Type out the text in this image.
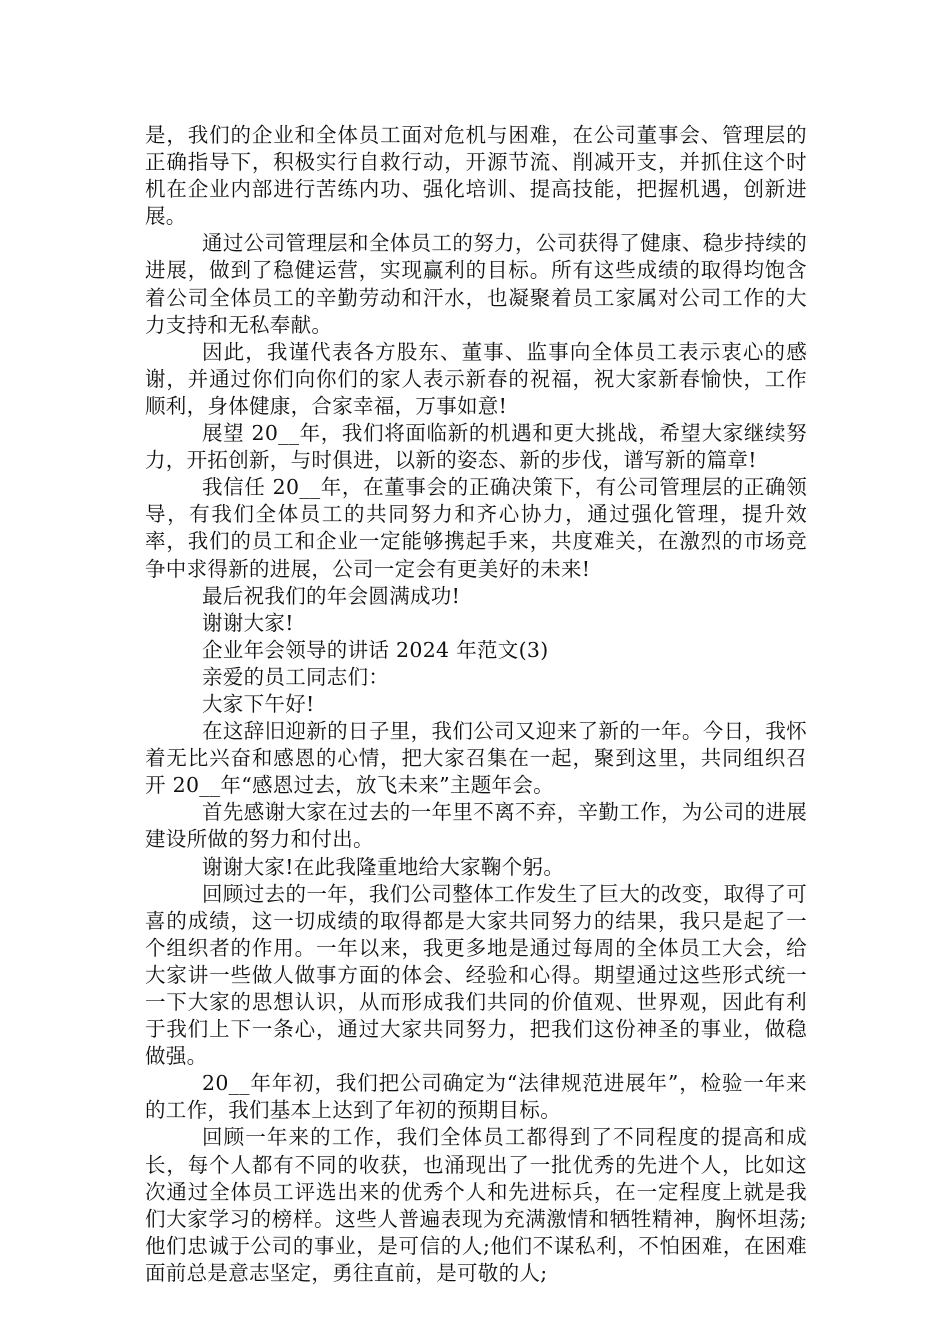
是，我们的企业和全体员工面对危机与困难，在公司董事会、管理层的正确指导下，积极实行自救行动，开源节流、削减开支，并抓住这个时机在企业内部进行苦练内功、强化培训、提高技能，把握机遇，创新进展。

通过公司管理层和全体员工的努力，公司获得了健康、稳步持续的进展，做到了稳健运营，实现赢利的目标。所有这些成绩的取得均饱含着公司全体员工的辛勤劳动和汗水，也凝聚着员工家属对公司工作的大力支持和无私奉献。

因此，我谨代表各方股东、董事、监事向全体员工表示衷心的感谢，并通过你们向你们的家人表示新春的祝福，祝大家新春愉快，工作顺利，身体健康，合家幸福，万事如意!

展望 20__年，我们将面临新的机遇和更大挑战，希望大家继续努力，开拓创新，与时俱进，以新的姿态、新的步伐，谱写新的篇章!

我信任 20__年，在董事会的正确决策下，有公司管理层的正确领导，有我们全体员工的共同努力和齐心协力，通过强化管理，提升效率，我们的员工和企业一定能够携起手来，共度难关，在激烈的市场竞争中求得新的进展，公司一定会有更美好的未来!

最后祝我们的年会圆满成功!

谢谢大家!

企业年会领导的讲话 2024 年范文(3)

亲爱的员工同志们：

大家下午好!

在这辞旧迎新的日子里，我们公司又迎来了新的一年。今日，我怀着无比兴奋和感恩的心情，把大家召集在一起，聚到这里，共同组织召开 20__年“感恩过去，放飞未来”主题年会。

首先感谢大家在过去的一年里不离不弃，辛勤工作，为公司的进展建设所做的努力和付出。

谢谢大家!在此我隆重地给大家鞠个躬。

回顾过去的一年，我们公司整体工作发生了巨大的改变，取得了可喜的成绩，这一切成绩的取得都是大家共同努力的结果，我只是起了一个组织者的作用。一年以来，我更多地是通过每周的全体员工大会，给大家讲一些做人做事方面的体会、经验和心得。期望通过这些形式统一一下大家的思想认识，从而形成我们共同的价值观、世界观，因此有利于我们上下一条心，通过大家共同努力，把我们这份神圣的事业，做稳做强。

20__年年初，我们把公司确定为“法律规范进展年”，检验一年来的工作，我们基本上达到了年初的预期目标。

回顾一年来的工作，我们全体员工都得到了不同程度的提高和成长，每个人都有不同的收获，也涌现出了一批优秀的先进个人，比如这次通过全体员工评选出来的优秀个人和先进标兵，在一定程度上就是我们大家学习的榜样。这些人普遍表现为充满激情和牺牲精神，胸怀坦荡;他们忠诚于公司的事业，是可信的人;他们不谋私利，不怕困难，在困难面前总是意志坚定，勇往直前，是可敬的人;
